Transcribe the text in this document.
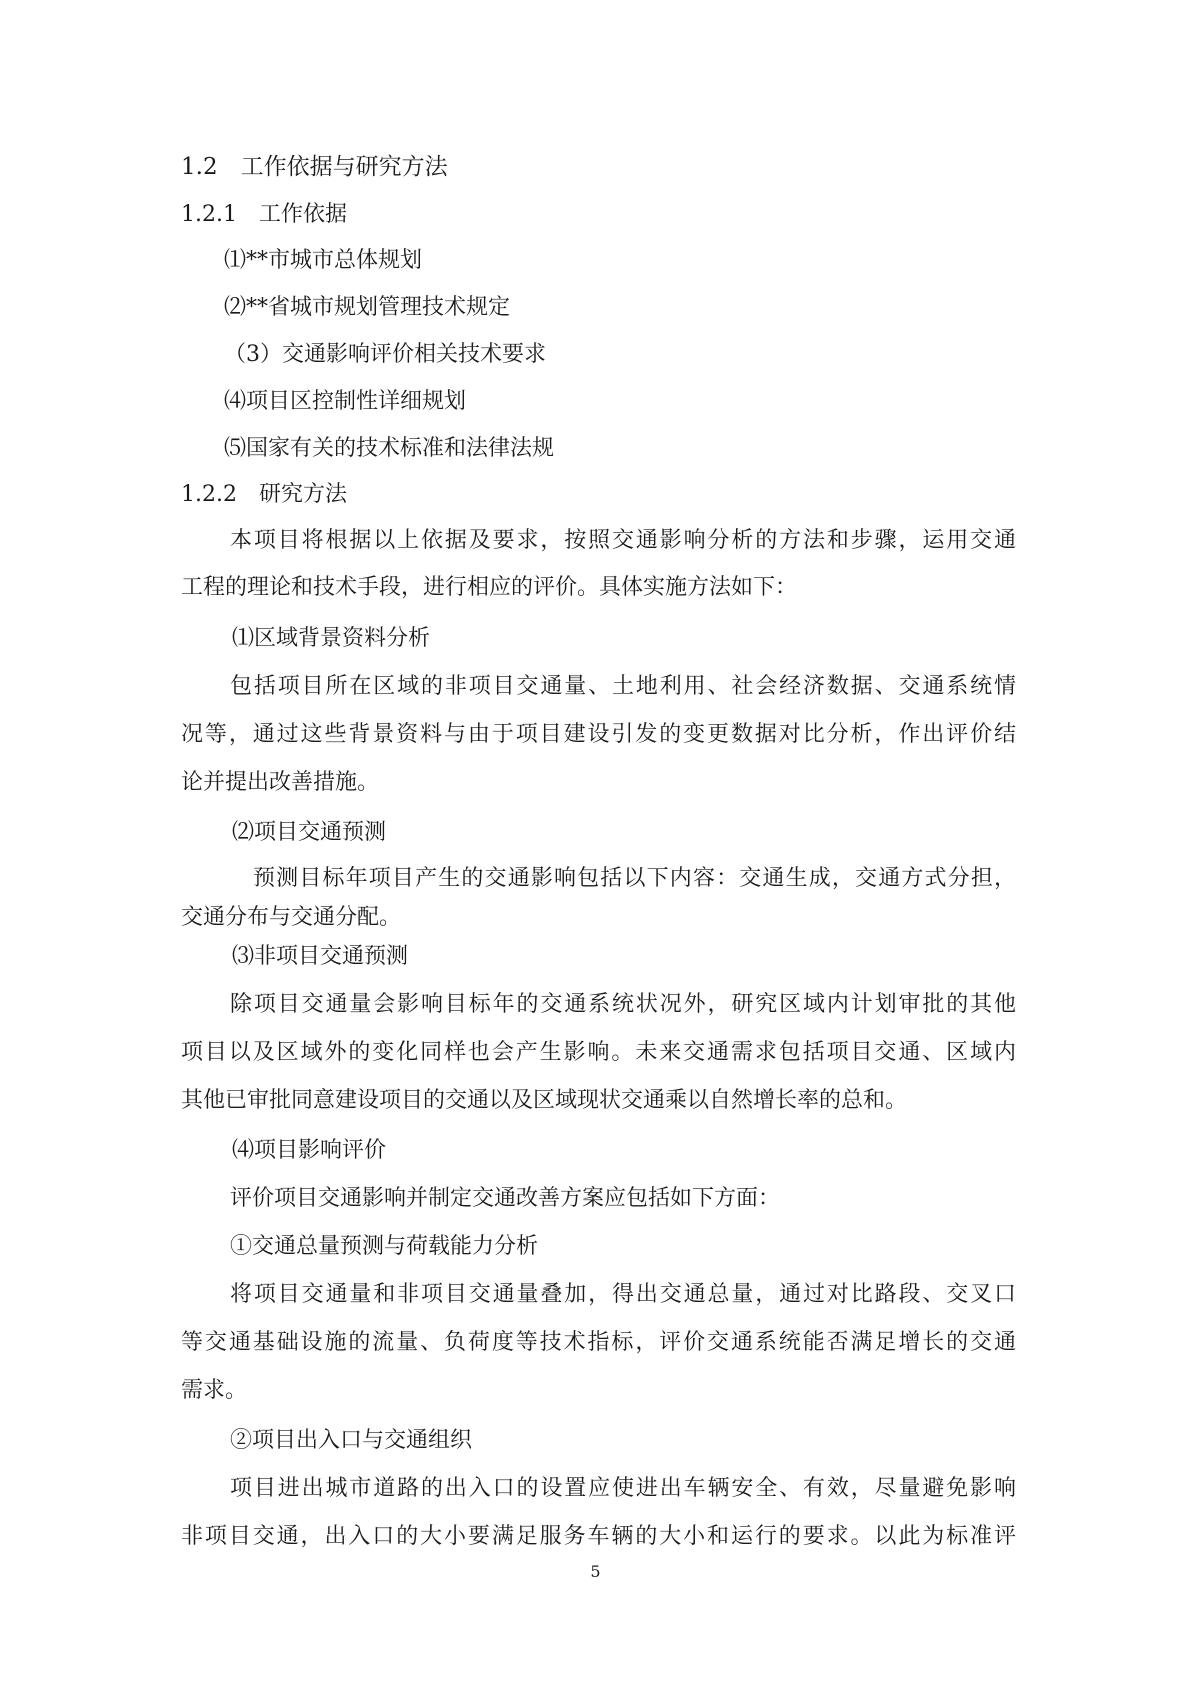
1.2　工作依据与研究方法
1.2.1　工作依据
⑴**市城市总体规划
⑵**省城市规划管理技术规定
（3）交通影响评价相关技术要求
⑷项目区控制性详细规划
⑸国家有关的技术标准和法律法规
1.2.2　研究方法
本项目将根据以上依据及要求，按照交通影响分析的方法和步骤，运用交通
工程的理论和技术手段，进行相应的评价。具体实施方法如下：
⑴区域背景资料分析
包括项目所在区域的非项目交通量、土地利用、社会经济数据、交通系统情
况等，通过这些背景资料与由于项目建设引发的变更数据对比分析，作出评价结
论并提出改善措施。
⑵项目交通预测
预测目标年项目产生的交通影响包括以下内容：交通生成，交通方式分担，
交通分布与交通分配。
⑶非项目交通预测
除项目交通量会影响目标年的交通系统状况外，研究区域内计划审批的其他
项目以及区域外的变化同样也会产生影响。未来交通需求包括项目交通、区域内
其他已审批同意建设项目的交通以及区域现状交通乘以自然增长率的总和。
⑷项目影响评价
评价项目交通影响并制定交通改善方案应包括如下方面：
①交通总量预测与荷载能力分析
将项目交通量和非项目交通量叠加，得出交通总量，通过对比路段、交叉口
等交通基础设施的流量、负荷度等技术指标，评价交通系统能否满足增长的交通
需求。
②项目出入口与交通组织
项目进出城市道路的出入口的设置应使进出车辆安全、有效，尽量避免影响
非项目交通，出入口的大小要满足服务车辆的大小和运行的要求。以此为标准评
5
